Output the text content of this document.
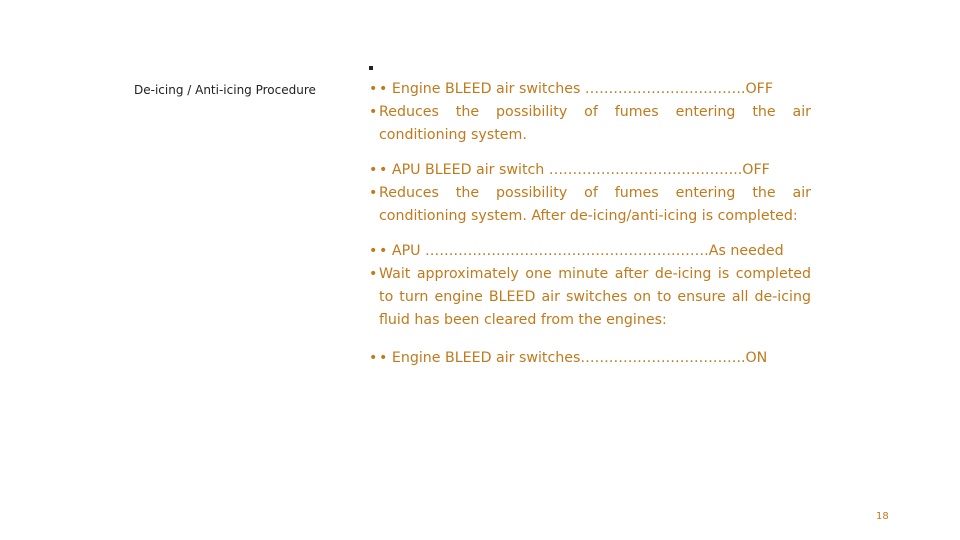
De-icing / Anti-icing Procedure	• • Engine BLEED air switches …………………………….OFF
• Reduces the possibility of fumes entering the air conditioning system.
• • APU BLEED air switch …………………………………..OFF
• Reduces the possibility of fumes entering the air conditioning system. After de-icing/anti-icing is completed:
• • APU ……………………………………………………As needed
• Wait approximately one minute after de-icing is completed to turn engine BLEED air switches on to ensure all de-icing fluid has been cleared from the engines:
• • Engine BLEED air switches……………………………..ON
18
